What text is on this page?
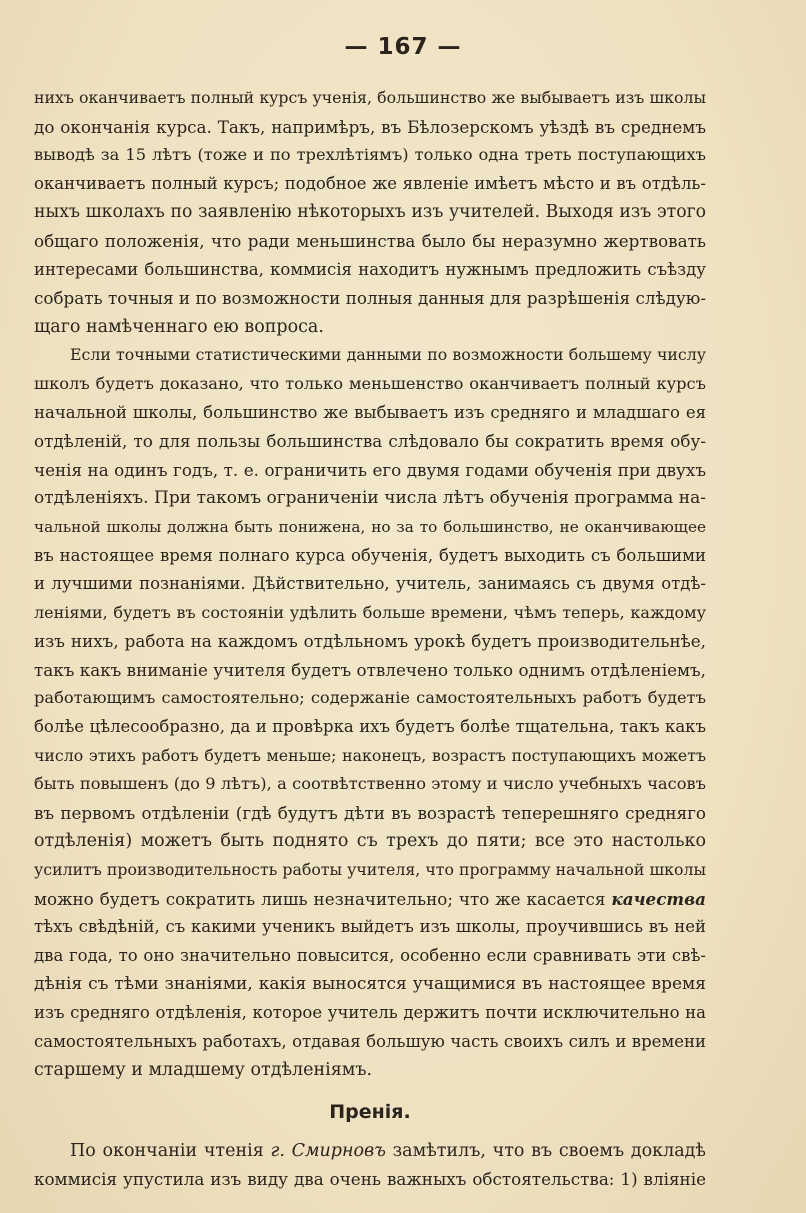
— 167 —
нихъ оканчиваетъ полный курсъ ученія, большинство же выбываетъ изъ школы
до окончанія курса. Такъ, напримѣръ, въ Бѣлозерскомъ уѣздѣ въ среднемъ
выводѣ за 15 лѣтъ (тоже и по трехлѣтіямъ) только одна треть поступающихъ
оканчиваетъ полный курсъ; подобное же явленіе имѣетъ мѣсто и въ отдѣль-
ныхъ школахъ по заявленію нѣкоторыхъ изъ учителей. Выходя изъ этого
общаго положенія, что ради меньшинства было бы неразумно жертвовать
интересами большинства, коммисія находитъ нужнымъ предложить съѣзду
собрать точныя и по возможности полныя данныя для разрѣшенія слѣдую-
щаго намѣченнаго ею вопроса.
Если точными статистическими данными по возможности большему числу
школъ будетъ доказано, что только меньшенство оканчиваетъ полный курсъ
начальной школы, большинство же выбываетъ изъ средняго и младшаго ея
отдѣленій, то для пользы большинства слѣдовало бы сократить время обу-
ченія на одинъ годъ, т. е. ограничить его двумя годами обученія при двухъ
отдѣленіяхъ. При такомъ ограниченіи числа лѣтъ обученія программа на-
чальной школы должна быть понижена, но за то большинство, не оканчивающее
въ настоящее время полнаго курса обученія, будетъ выходить съ большими
и лучшими познаніями. Дѣйствительно, учитель, занимаясь съ двумя отдѣ-
леніями, будетъ въ состояніи удѣлить больше времени, чѣмъ теперь, каждому
изъ нихъ, работа на каждомъ отдѣльномъ урокѣ будетъ производительнѣе,
такъ какъ вниманіе учителя будетъ отвлечено только однимъ отдѣленіемъ,
работающимъ самостоятельно; содержаніе самостоятельныхъ работъ будетъ
болѣе цѣлесообразно, да и провѣрка ихъ будетъ болѣе тщательна, такъ какъ
число этихъ работъ будетъ меньше; наконецъ, возрастъ поступающихъ можетъ
быть повышенъ (до 9 лѣтъ), а соотвѣтственно этому и число учебныхъ часовъ
въ первомъ отдѣленіи (гдѣ будутъ дѣти въ возрастѣ теперешняго средняго
отдѣленія) можетъ быть поднято съ трехъ до пяти; все это настолько
усилитъ производительность работы учителя, что программу начальной школы
можно будетъ сократить лишь незначительно; что же касается качества
тѣхъ свѣдѣній, съ какими ученикъ выйдетъ изъ школы, проучившись въ ней
два года, то оно значительно повысится, особенно если сравнивать эти свѣ-
дѣнія съ тѣми знаніями, какія выносятся учащимися въ настоящее время
изъ средняго отдѣленія, которое учитель держитъ почти исключительно на
самостоятельныхъ работахъ, отдавая большую часть своихъ силъ и времени
старшему и младшему отдѣленіямъ.
Пренія.
По окончаніи чтенія г. Смирновъ замѣтилъ, что въ своемъ докладѣ
коммисія упустила изъ виду два очень важныхъ обстоятельства: 1) вліяніе
